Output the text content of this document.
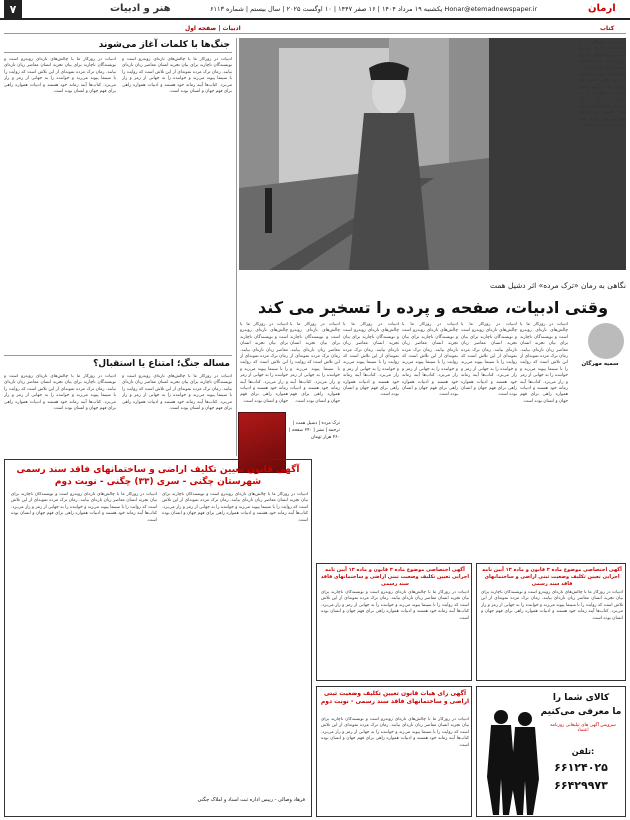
ارمان
یکشنبه ۱۹ مرداد ۱۴۰۴ | ۱۶ صفر ۱۴۴۷ | ۱۰ اوگست ۲۰۲۵ | سال بیستم | شماره ۶۱۱۳ Honar@etemadnewspaper.ir
هنر و ادبیات
۷
کتاب
ادبیات | صفحه اول
جنگ‌ها با کلمات آغاز می‌شوند
ادبیات در روزگار ما با چالش‌های تازه‌ای روبه‌رو است و نویسندگان ناچارند برای بیان تجربه انسان معاصر زبان تازه‌ای بیابند. رمان ترک مرده نمونه‌ای از این تلاش است که روایت را با سینما پیوند می‌زند و خواننده را به جهانی از رمز و راز می‌برد. کتاب‌ها آینه زمانه خود هستند و ادبیات همواره راهی برای فهم جهان و انسان بوده است.
ادبیات در روزگار ما با چالش‌های تازه‌ای روبه‌رو است و نویسندگان ناچارند برای بیان تجربه انسان معاصر زبان تازه‌ای بیابند. رمان ترک مرده نمونه‌ای از این تلاش است که روایت را با سینما پیوند می‌زند و خواننده را به جهانی از رمز و راز می‌برد. کتاب‌ها آینه زمانه خود هستند و ادبیات همواره راهی برای فهم جهان و انسان بوده است.
مساله جنگ؛ امتناع یا استقبال؟
ادبیات در روزگار ما با چالش‌های تازه‌ای روبه‌رو است و نویسندگان ناچارند برای بیان تجربه انسان معاصر زبان تازه‌ای بیابند. رمان ترک مرده نمونه‌ای از این تلاش است که روایت را با سینما پیوند می‌زند و خواننده را به جهانی از رمز و راز می‌برد. کتاب‌ها آینه زمانه خود هستند و ادبیات همواره راهی برای فهم جهان و انسان بوده است.
ادبیات در روزگار ما با چالش‌های تازه‌ای روبه‌رو است و نویسندگان ناچارند برای بیان تجربه انسان معاصر زبان تازه‌ای بیابند. رمان ترک مرده نمونه‌ای از این تلاش است که روایت را با سینما پیوند می‌زند و خواننده را به جهانی از رمز و راز می‌برد. کتاب‌ها آینه زمانه خود هستند و ادبیات همواره راهی برای فهم جهان و انسان بوده است.
نگاهی به رمان «ترک مرده» اثر دشیل همت
وقتی ادبیات، صفحه و پرده را تسخیر می کند
ادبیات در روزگار ما با چالش‌های تازه‌ای روبه‌رو است و نویسندگان ناچارند برای بیان تجربه انسان معاصر زبان تازه‌ای بیابند. رمان ترک مرده نمونه‌ای از این تلاش است که روایت را با سینما پیوند می‌زند و خواننده را به جهانی از رمز و راز می‌برد. کتاب‌ها آینه زمانه خود هستند و ادبیات همواره راهی برای فهم جهان و انسان بوده است.
سمیه مهرگان
ادبیات در روزگار ما با چالش‌های تازه‌ای روبه‌رو است و نویسندگان ناچارند برای بیان تجربه انسان معاصر زبان تازه‌ای بیابند. رمان ترک مرده نمونه‌ای از این تلاش است که روایت را با سینما پیوند می‌زند و خواننده را به جهانی از رمز و راز می‌برد. کتاب‌ها آینه زمانه خود هستند و ادبیات همواره راهی برای فهم جهان و انسان بوده است.
ادبیات در روزگار ما با چالش‌های تازه‌ای روبه‌رو است و نویسندگان ناچارند برای بیان تجربه انسان معاصر زبان تازه‌ای بیابند. رمان ترک مرده نمونه‌ای از این تلاش است که روایت را با سینما پیوند می‌زند و خواننده را به جهانی از رمز و راز می‌برد. کتاب‌ها آینه زمانه خود هستند و ادبیات همواره راهی برای فهم جهان و انسان بوده است.
ادبیات در روزگار ما با چالش‌های تازه‌ای روبه‌رو است و نویسندگان ناچارند برای بیان تجربه انسان معاصر زبان تازه‌ای بیابند. رمان ترک مرده نمونه‌ای از این تلاش است که روایت را با سینما پیوند می‌زند و خواننده را به جهانی از رمز و راز می‌برد. کتاب‌ها آینه زمانه خود هستند و ادبیات همواره راهی برای فهم جهان و انسان بوده است.
ادبیات در روزگار ما با چالش‌های تازه‌ای روبه‌رو است و نویسندگان ناچارند برای بیان تجربه انسان معاصر زبان تازه‌ای بیابند. رمان ترک مرده نمونه‌ای از این تلاش است که روایت را با سینما پیوند می‌زند و خواننده را به جهانی از رمز و راز می‌برد. کتاب‌ها آینه زمانه خود هستند و ادبیات همواره راهی برای فهم جهان و انسان بوده است.
ادبیات در روزگار ما با چالش‌های تازه‌ای روبه‌رو است و نویسندگان ناچارند برای بیان تجربه انسان معاصر زبان تازه‌ای بیابند. رمان ترک مرده نمونه‌ای از این تلاش است که روایت را با سینما پیوند می‌زند و خواننده را به جهانی از رمز و راز می‌برد. کتاب‌ها آینه زمانه خود هستند و ادبیات همواره راهی برای فهم جهان و انسان بوده است.
ادبیات در روزگار ما با چالش‌های تازه‌ای روبه‌رو است و نویسندگان ناچارند برای بیان تجربه انسان معاصر زبان تازه‌ای بیابند. رمان ترک مرده نمونه‌ای از این تلاش است که روایت را با سینما پیوند می‌زند و خواننده را به جهانی از رمز و راز می‌برد. کتاب‌ها آینه زمانه خود هستند و ادبیات همواره راهی برای فهم جهان و انسان بوده است.
ترک مرده | دشیل همت | ترجمه | نشر | ۲۴۰ صفحه | ۴۶۰ هزار تومان
آگهی قانون تعیین تکلیف اراضی و ساختمانهای فاقد سند رسمی شهرستان چگنی - سری (۳۳) چگنی - نوبت دوم
ادبیات در روزگار ما با چالش‌های تازه‌ای روبه‌رو است و نویسندگان ناچارند برای بیان تجربه انسان معاصر زبان تازه‌ای بیابند. رمان ترک مرده نمونه‌ای از این تلاش است که روایت را با سینما پیوند می‌زند و خواننده را به جهانی از رمز و راز می‌برد. کتاب‌ها آینه زمانه خود هستند و ادبیات همواره راهی برای فهم جهان و انسان بوده است.
ادبیات در روزگار ما با چالش‌های تازه‌ای روبه‌رو است و نویسندگان ناچارند برای بیان تجربه انسان معاصر زبان تازه‌ای بیابند. رمان ترک مرده نمونه‌ای از این تلاش است که روایت را با سینما پیوند می‌زند و خواننده را به جهانی از رمز و راز می‌برد. کتاب‌ها آینه زمانه خود هستند و ادبیات همواره راهی برای فهم جهان و انسان بوده است.
فرهاد وصالی - رییس اداره ثبت اسناد و املاک چگنی
آگهی اختصاصی موضوع ماده ۳ قانون و ماده ۱۳ آیین نامه اجرایی تعیین تکلیف وضعیت ثبتی اراضی و ساختمانهای فاقد سند رسمی
ادبیات در روزگار ما با چالش‌های تازه‌ای روبه‌رو است و نویسندگان ناچارند برای بیان تجربه انسان معاصر زبان تازه‌ای بیابند. رمان ترک مرده نمونه‌ای از این تلاش است که روایت را با سینما پیوند می‌زند و خواننده را به جهانی از رمز و راز می‌برد. کتاب‌ها آینه زمانه خود هستند و ادبیات همواره راهی برای فهم جهان و انسان بوده است.
آگهی اختصاصی موضوع ماده ۳ قانون و ماده ۱۳ آیین نامه اجرایی تعیین تکلیف وضعیت ثبتی اراضی و ساختمانهای فاقد سند رسمی
ادبیات در روزگار ما با چالش‌های تازه‌ای روبه‌رو است و نویسندگان ناچارند برای بیان تجربه انسان معاصر زبان تازه‌ای بیابند. رمان ترک مرده نمونه‌ای از این تلاش است که روایت را با سینما پیوند می‌زند و خواننده را به جهانی از رمز و راز می‌برد. کتاب‌ها آینه زمانه خود هستند و ادبیات همواره راهی برای فهم جهان و انسان بوده است.
آگهی رای هیات قانون تعیین تکلیف وضعیت ثبتی اراضی و ساختمانهای فاقد سند رسمی - نوبت دوم
ادبیات در روزگار ما با چالش‌های تازه‌ای روبه‌رو است و نویسندگان ناچارند برای بیان تجربه انسان معاصر زبان تازه‌ای بیابند. رمان ترک مرده نمونه‌ای از این تلاش است که روایت را با سینما پیوند می‌زند و خواننده را به جهانی از رمز و راز می‌برد. کتاب‌ها آینه زمانه خود هستند و ادبیات همواره راهی برای فهم جهان و انسان بوده است.
کالای شما را
ما معرفی می‌کنیم
سرویس آگهی های تبلیغاتی روزنامه اعتماد
تلفن:
۶۶۱۲۴۰۲۵
۶۶۴۲۹۹۷۳
